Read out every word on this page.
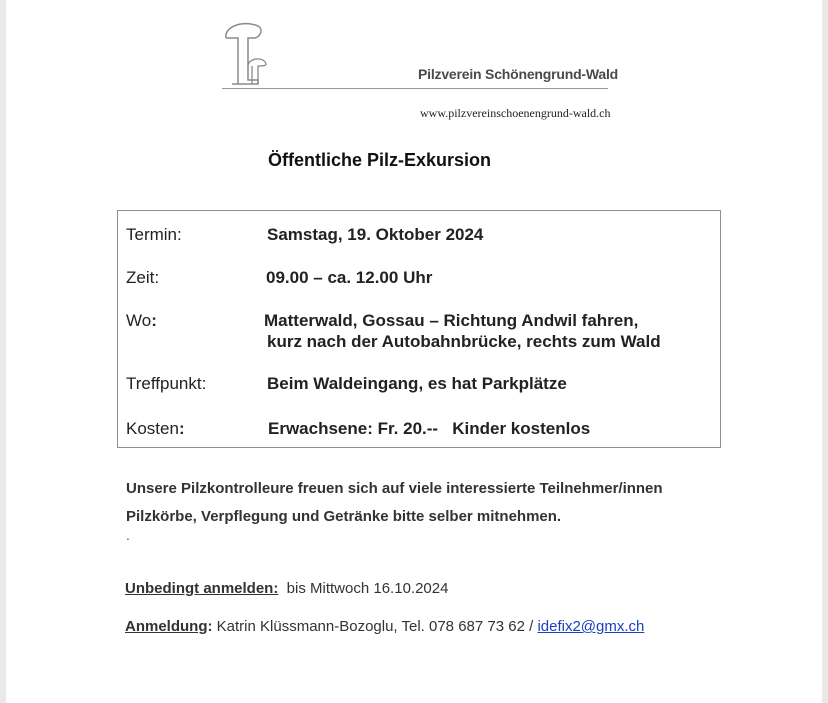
Pilzverein Schönengrund-Wald
www.pilzvereinschoenengrund-wald.ch
Öffentliche Pilz-Exkursion
Termin:	Samstag, 19. Oktober 2024
Zeit:	09.00 – ca. 12.00 Uhr
Wo:	Matterwald, Gossau – Richtung Andwil fahren,
kurz nach der Autobahnbrücke, rechts zum Wald
Treffpunkt:	Beim Waldeingang, es hat Parkplätze
Kosten:	Erwachsene: Fr. 20.--   Kinder kostenlos
Unsere Pilzkontrolleure freuen sich auf viele interessierte Teilnehmer/innen
Pilzkörbe, Verpflegung und Getränke bitte selber mitnehmen.
.
Unbedingt anmelden:  bis Mittwoch 16.10.2024
Anmeldung: Katrin Klüssmann-Bozoglu, Tel. 078 687 73 62 / idefix2@gmx.ch
